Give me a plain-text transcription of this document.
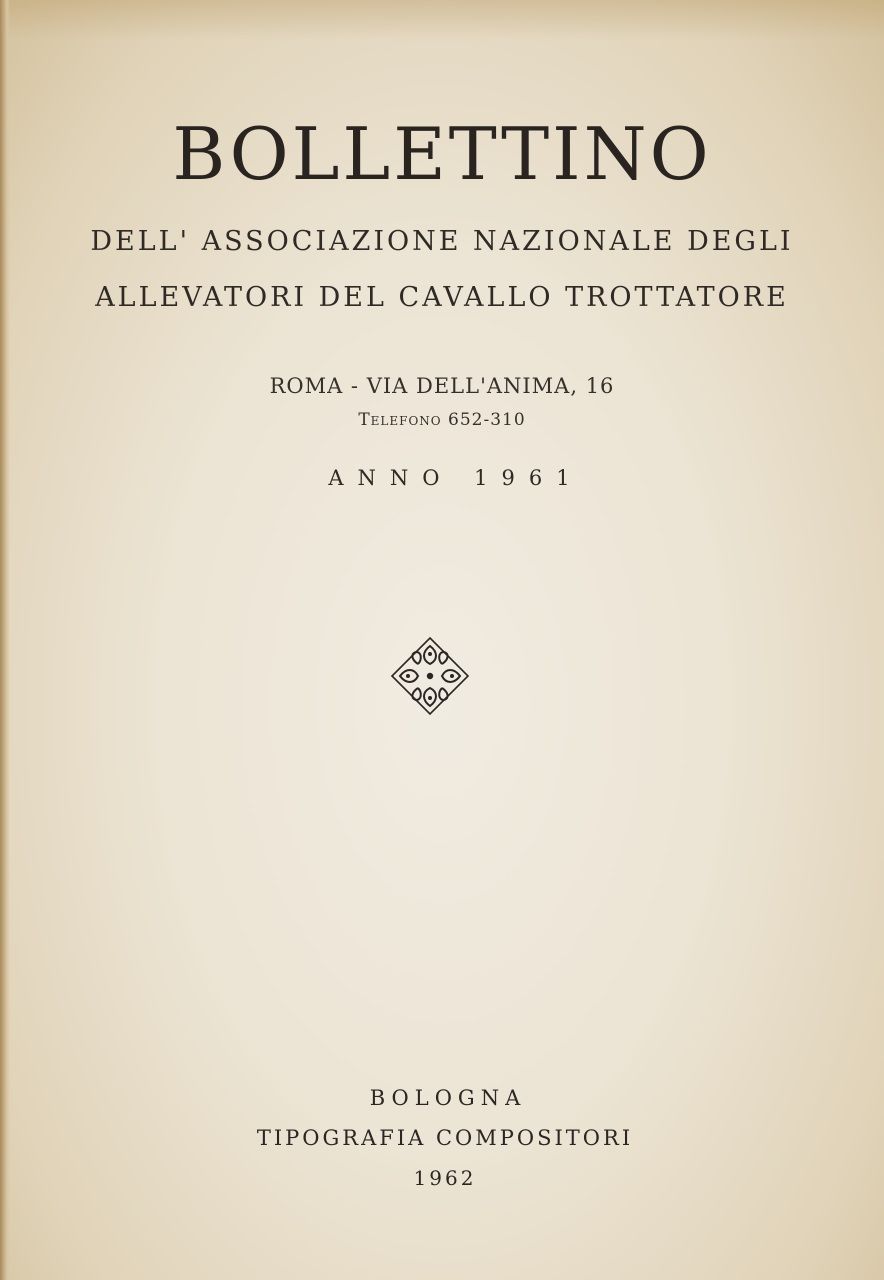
BOLLETTINO
DELL' ASSOCIAZIONE NAZIONALE DEGLI
ALLEVATORI DEL CAVALLO TROTTATORE
ROMA - VIA DELL'ANIMA, 16
Telefono 652-310
ANNO 1961
BOLOGNA
TIPOGRAFIA COMPOSITORI
1962
